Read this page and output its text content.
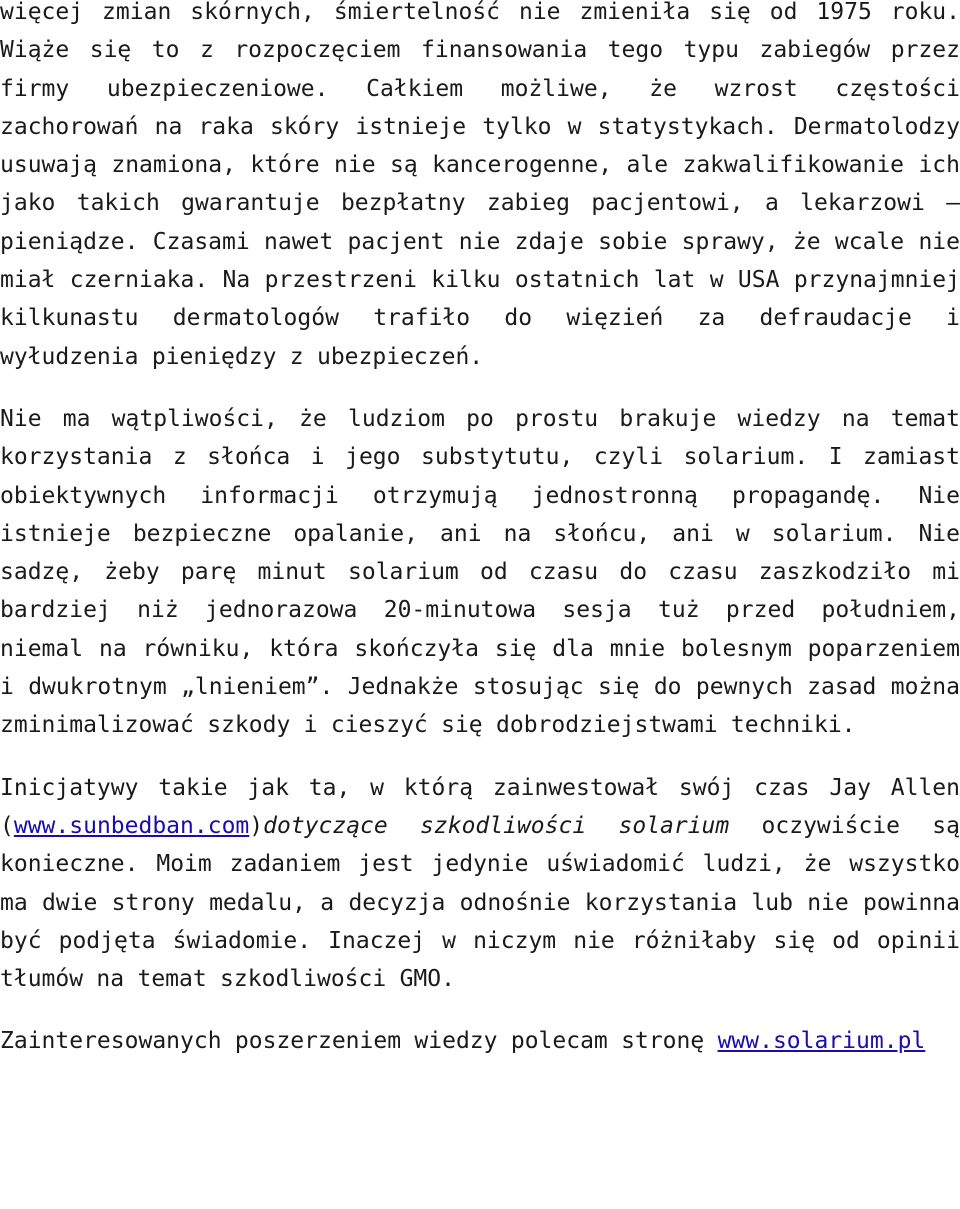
więcej zmian skórnych, śmiertelność nie zmieniła się od 1975 roku. Wiąże się to z rozpoczęciem finansowania tego typu zabiegów przez firmy ubezpieczeniowe. Całkiem możliwe, że wzrost częstości zachorowań na raka skóry istnieje tylko w statystykach. Dermatolodzy usuwają znamiona, które nie są kancerogenne, ale zakwalifikowanie ich jako takich gwarantuje bezpłatny zabieg pacjentowi, a lekarzowi – pieniądze. Czasami nawet pacjent nie zdaje sobie sprawy, że wcale nie miał czerniaka. Na przestrzeni kilku ostatnich lat w USA przynajmniej kilkunastu dermatologów trafiło do więzień za defraudacje i wyłudzenia pieniędzy z ubezpieczeń.

Nie ma wątpliwości, że ludziom po prostu brakuje wiedzy na temat korzystania z słońca i jego substytutu, czyli solarium. I zamiast obiektywnych informacji otrzymują jednostronną propagandę. Nie istnieje bezpieczne opalanie, ani na słońcu, ani w solarium. Nie sadzę, żeby parę minut solarium od czasu do czasu zaszkodziło mi bardziej niż jednorazowa 20-minutowa sesja tuż przed południem, niemal na równiku, która skończyła się dla mnie bolesnym poparzeniem i dwukrotnym „lnieniem”. Jednakże stosując się do pewnych zasad można zminimalizować szkody i cieszyć się dobrodziejstwami techniki.

Inicjatywy takie jak ta, w którą zainwestował swój czas Jay Allen (www.sunbedban.com)dotyczące szkodliwości solarium oczywiście są konieczne. Moim zadaniem jest jedynie uświadomić ludzi, że wszystko ma dwie strony medalu, a decyzja odnośnie korzystania lub nie powinna być podjęta świadomie. Inaczej w niczym nie różniłaby się od opinii tłumów na temat szkodliwości GMO.

Zainteresowanych poszerzeniem wiedzy polecam stronę www.solarium.pl
